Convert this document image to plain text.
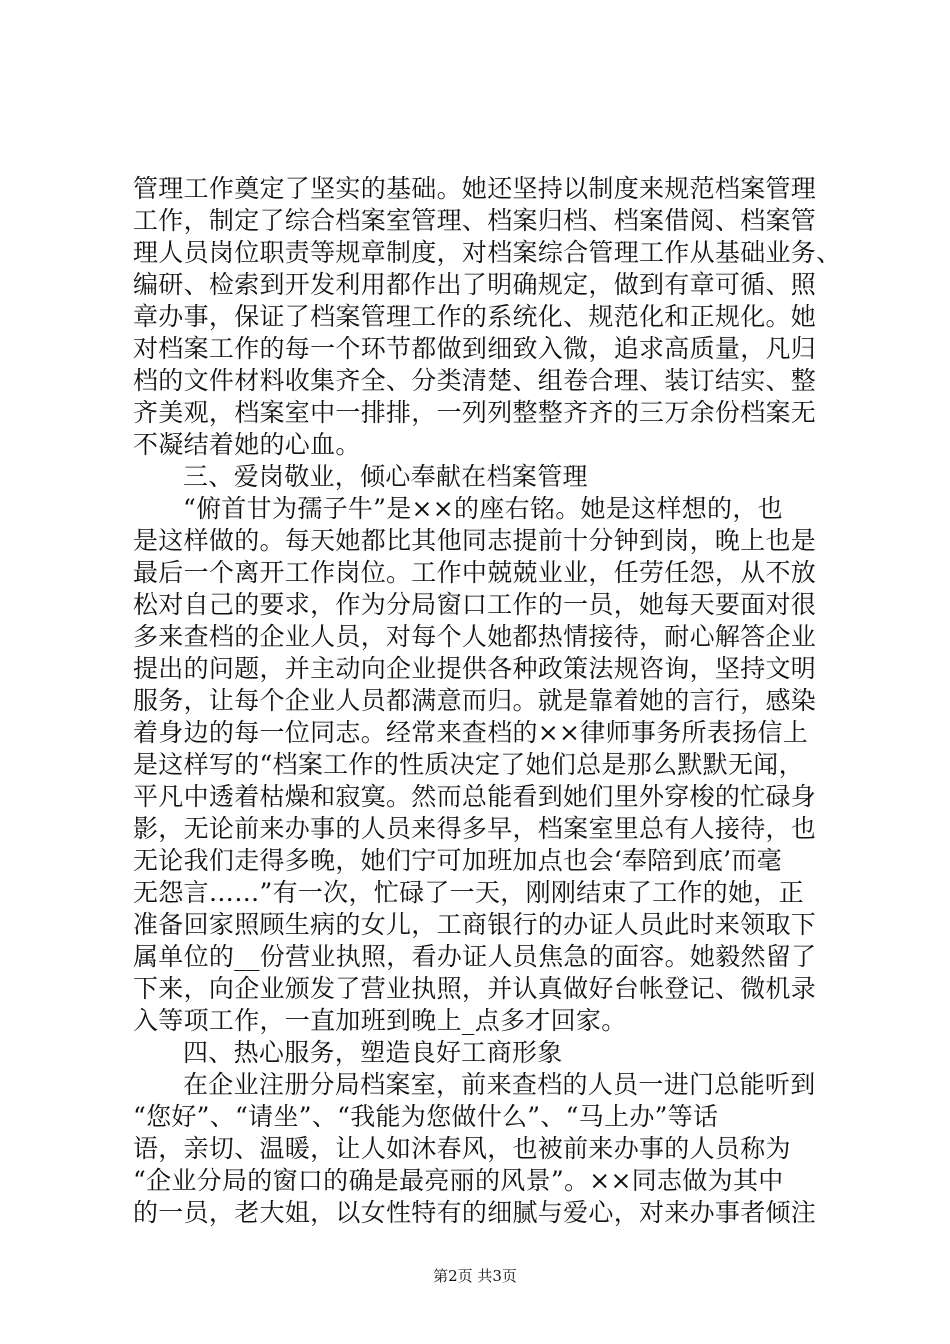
管理工作奠定了坚实的基础。她还坚持以制度来规范档案管理
工作，制定了综合档案室管理、档案归档、档案借阅、档案管
理人员岗位职责等规章制度，对档案综合管理工作从基础业务、
编研、检索到开发利用都作出了明确规定，做到有章可循、照
章办事，保证了档案管理工作的系统化、规范化和正规化。她
对档案工作的每一个环节都做到细致入微，追求高质量，凡归
档的文件材料收集齐全、分类清楚、组卷合理、装订结实、整
齐美观，档案室中一排排，一列列整整齐齐的三万余份档案无
不凝结着她的心血。
三、爱岗敬业，倾心奉献在档案管理
“俯首甘为孺子牛”是××的座右铭。她是这样想的，也
是这样做的。每天她都比其他同志提前十分钟到岗，晚上也是
最后一个离开工作岗位。工作中兢兢业业，任劳任怨，从不放
松对自己的要求，作为分局窗口工作的一员，她每天要面对很
多来查档的企业人员，对每个人她都热情接待，耐心解答企业
提出的问题，并主动向企业提供各种政策法规咨询，坚持文明
服务，让每个企业人员都满意而归。就是靠着她的言行，感染
着身边的每一位同志。经常来查档的××律师事务所表扬信上
是这样写的“档案工作的性质决定了她们总是那么默默无闻，
平凡中透着枯燥和寂寞。然而总能看到她们里外穿梭的忙碌身
影，无论前来办事的人员来得多早，档案室里总有人接待，也
无论我们走得多晚，她们宁可加班加点也会‘奉陪到底’而毫
无怨言……”有一次，忙碌了一天，刚刚结束了工作的她，正
准备回家照顾生病的女儿，工商银行的办证人员此时来领取下
属单位的__份营业执照，看办证人员焦急的面容。她毅然留了
下来，向企业颁发了营业执照，并认真做好台帐登记、微机录
入等项工作，一直加班到晚上_点多才回家。
四、热心服务，塑造良好工商形象
在企业注册分局档案室，前来查档的人员一进门总能听到
“您好”、“请坐”、“我能为您做什么”、“马上办”等话
语，亲切、温暖，让人如沐春风，也被前来办事的人员称为
“企业分局的窗口的确是最亮丽的风景”。××同志做为其中
的一员，老大姐，以女性特有的细腻与爱心，对来办事者倾注
第2页 共3页
